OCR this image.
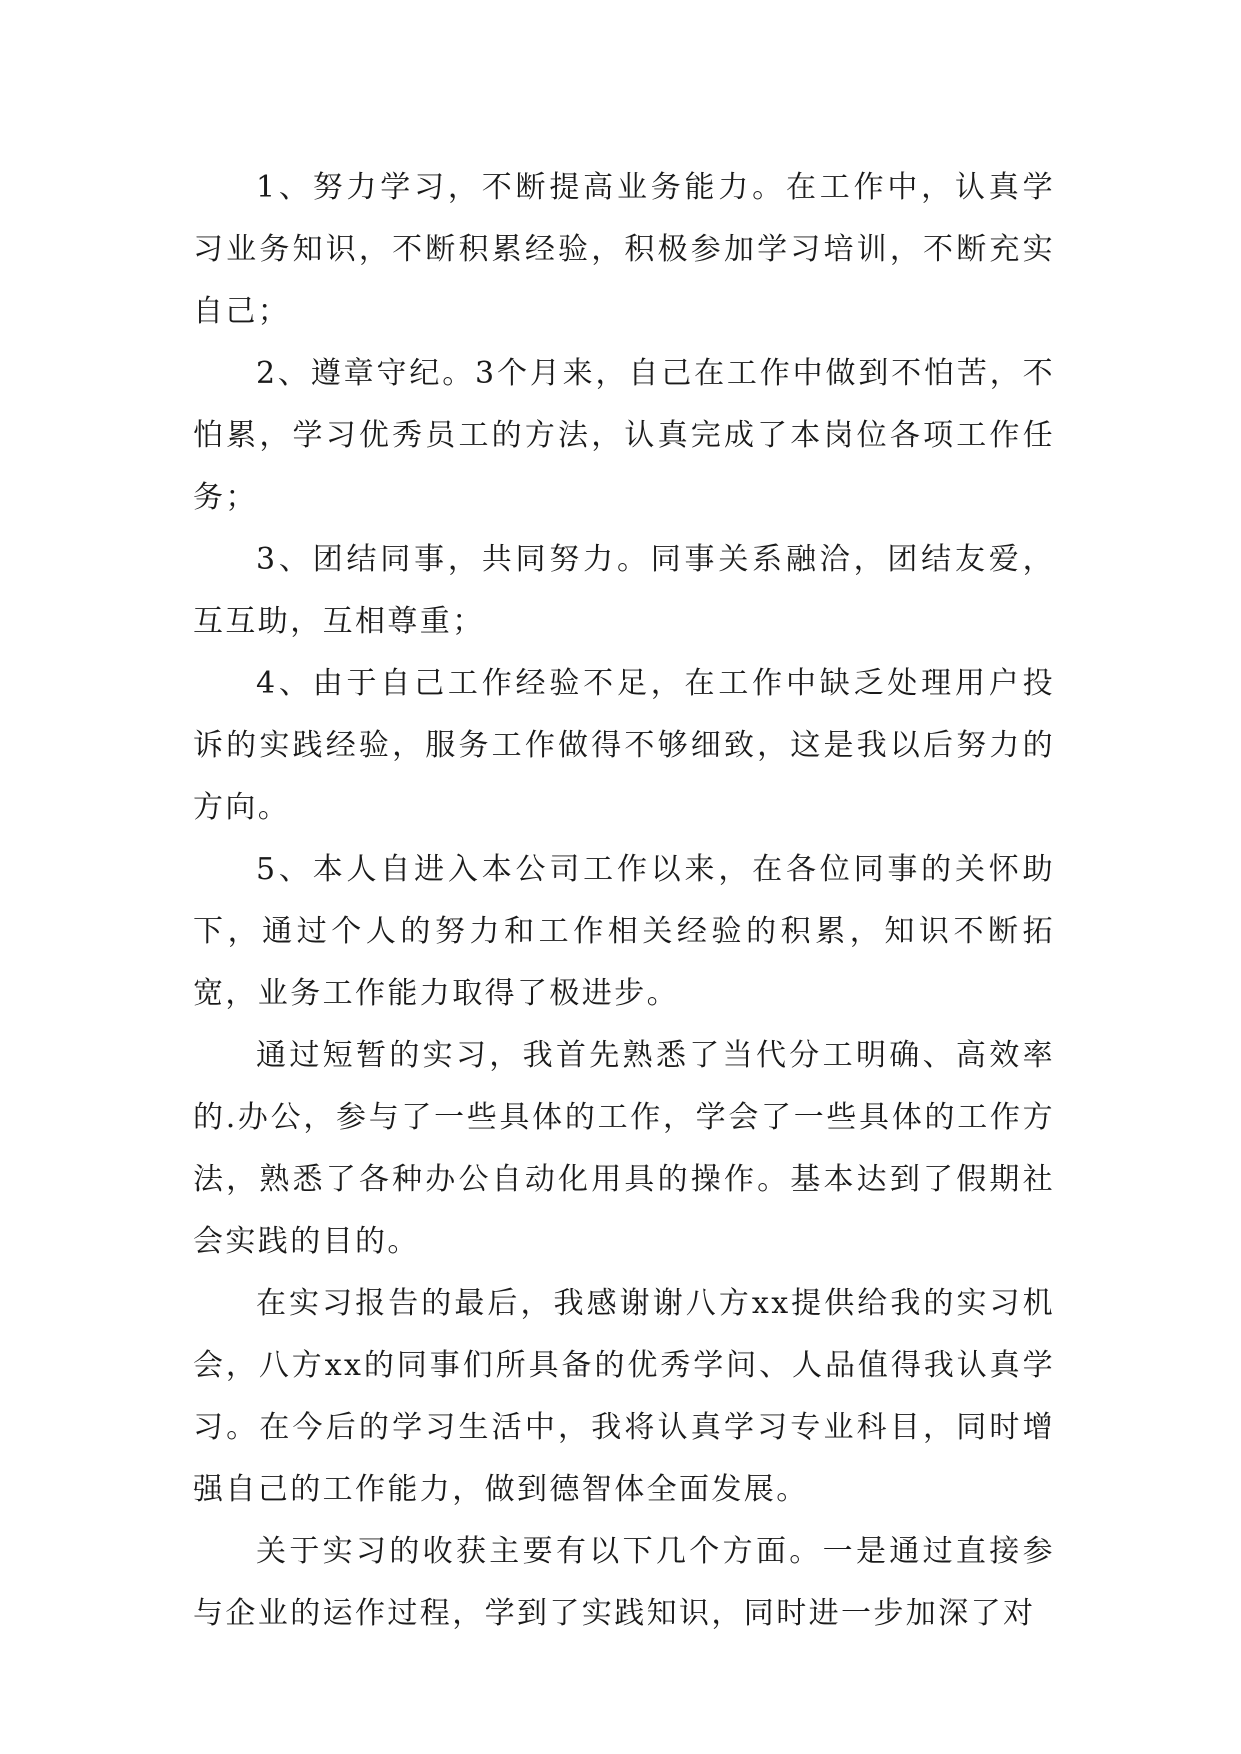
1、努力学习，不断提高业务能力。在工作中，认真学习业务知识，不断积累经验，积极参加学习培训，不断充实自己；

2、遵章守纪。3个月来，自己在工作中做到不怕苦，不怕累，学习优秀员工的方法，认真完成了本岗位各项工作任务；

3、团结同事，共同努力。同事关系融洽，团结友爱，互互助，互相尊重；

4、由于自己工作经验不足，在工作中缺乏处理用户投诉的实践经验，服务工作做得不够细致，这是我以后努力的方向。

5、本人自进入本公司工作以来，在各位同事的关怀助下，通过个人的努力和工作相关经验的积累，知识不断拓宽，业务工作能力取得了极进步。

通过短暂的实习，我首先熟悉了当代分工明确、高效率的.办公，参与了一些具体的工作，学会了一些具体的工作方法，熟悉了各种办公自动化用具的操作。基本达到了假期社会实践的目的。

在实习报告的最后，我感谢谢八方xx提供给我的实习机会，八方xx的同事们所具备的优秀学问、人品值得我认真学习。在今后的学习生活中，我将认真学习专业科目，同时增强自己的工作能力，做到德智体全面发展。

关于实习的收获主要有以下几个方面。一是通过直接参与企业的运作过程，学到了实践知识，同时进一步加深了对
